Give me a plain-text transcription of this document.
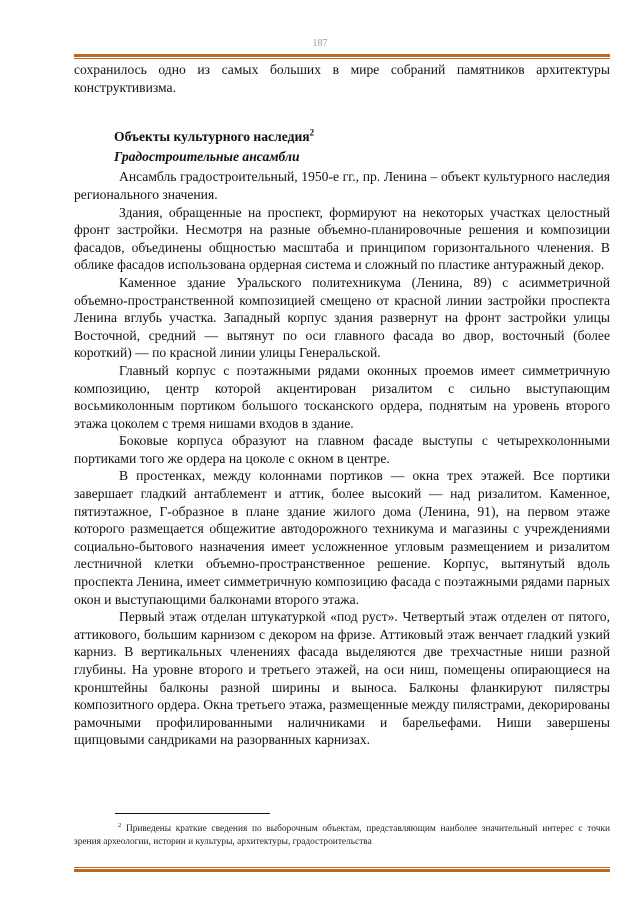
187

сохранилось одно из самых больших в мире собраний памятников архитектуры конструктивизма.

Объекты культурного наследия$^2$

Градостроительные ансамбли

Ансамбль градостроительный, 1950-е гг., пр. Ленина – объект культурного наследия регионального значения.

Здания, обращенные на проспект, формируют на некоторых участках целостный фронт застройки. Несмотря на разные объемно-планировочные решения и композиции фасадов, объединены общностью масштаба и принципом горизонтального членения. В облике фасадов использована ордерная система и сложный по пластике антуражный декор.

Каменное здание Уральского политехникума (Ленина, 89) с асимметричной объемно-пространственной композицией смещено от красной линии застройки проспекта Ленина вглубь участка. Западный корпус здания развернут на фронт застройки улицы Восточной, средний — вытянут по оси главного фасада во двор, восточный (более короткий) — по красной линии улицы Генеральской.

Главный корпус с поэтажными рядами оконных проемов имеет симметричную композицию, центр которой акцентирован ризалитом с сильно выступающим восьмиколонным портиком большого тосканского ордера, поднятым на уровень второго этажа цоколем с тремя нишами входов в здание.

Боковые корпуса образуют на главном фасаде выступы с четырехколонными портиками того же ордера на цоколе с окном в центре.

В простенках, между колоннами портиков — окна трех этажей. Все портики завершает гладкий антаблемент и аттик, более высокий — над ризалитом. Каменное, пятиэтажное, Г-образное в плане здание жилого дома (Ленина, 91), на первом этаже которого размещается общежитие автодорожного техникума и магазины с учреждениями социально-бытового назначения имеет усложненное угловым размещением и ризалитом лестничной клетки объемно-пространственное решение. Корпус, вытянутый вдоль проспекта Ленина, имеет симметричную композицию фасада с поэтажными рядами парных окон и выступающими балконами второго этажа.

Первый этаж отделан штукатуркой «под руст». Четвертый этаж отделен от пятого, аттикового, большим карнизом с декором на фризе. Аттиковый этаж венчает гладкий узкий карниз. В вертикальных членениях фасада выделяются две трехчастные ниши разной глубины. На уровне второго и третьего этажей, на оси ниш, помещены опирающиеся на кронштейны балконы разной ширины и выноса. Балконы фланкируют пилястры композитного ордера. Окна третьего этажа, размещенные между пилястрами, декорированы рамочными профилированными наличниками и барельефами. Ниши завершены щипцовыми сандриками на разорванных карнизах.

$^2$ Приведены краткие сведения по выборочным объектам, представляющим наиболее значительный интерес с точки зрения археологии, истории и культуры, архитектуры, градостроительства
